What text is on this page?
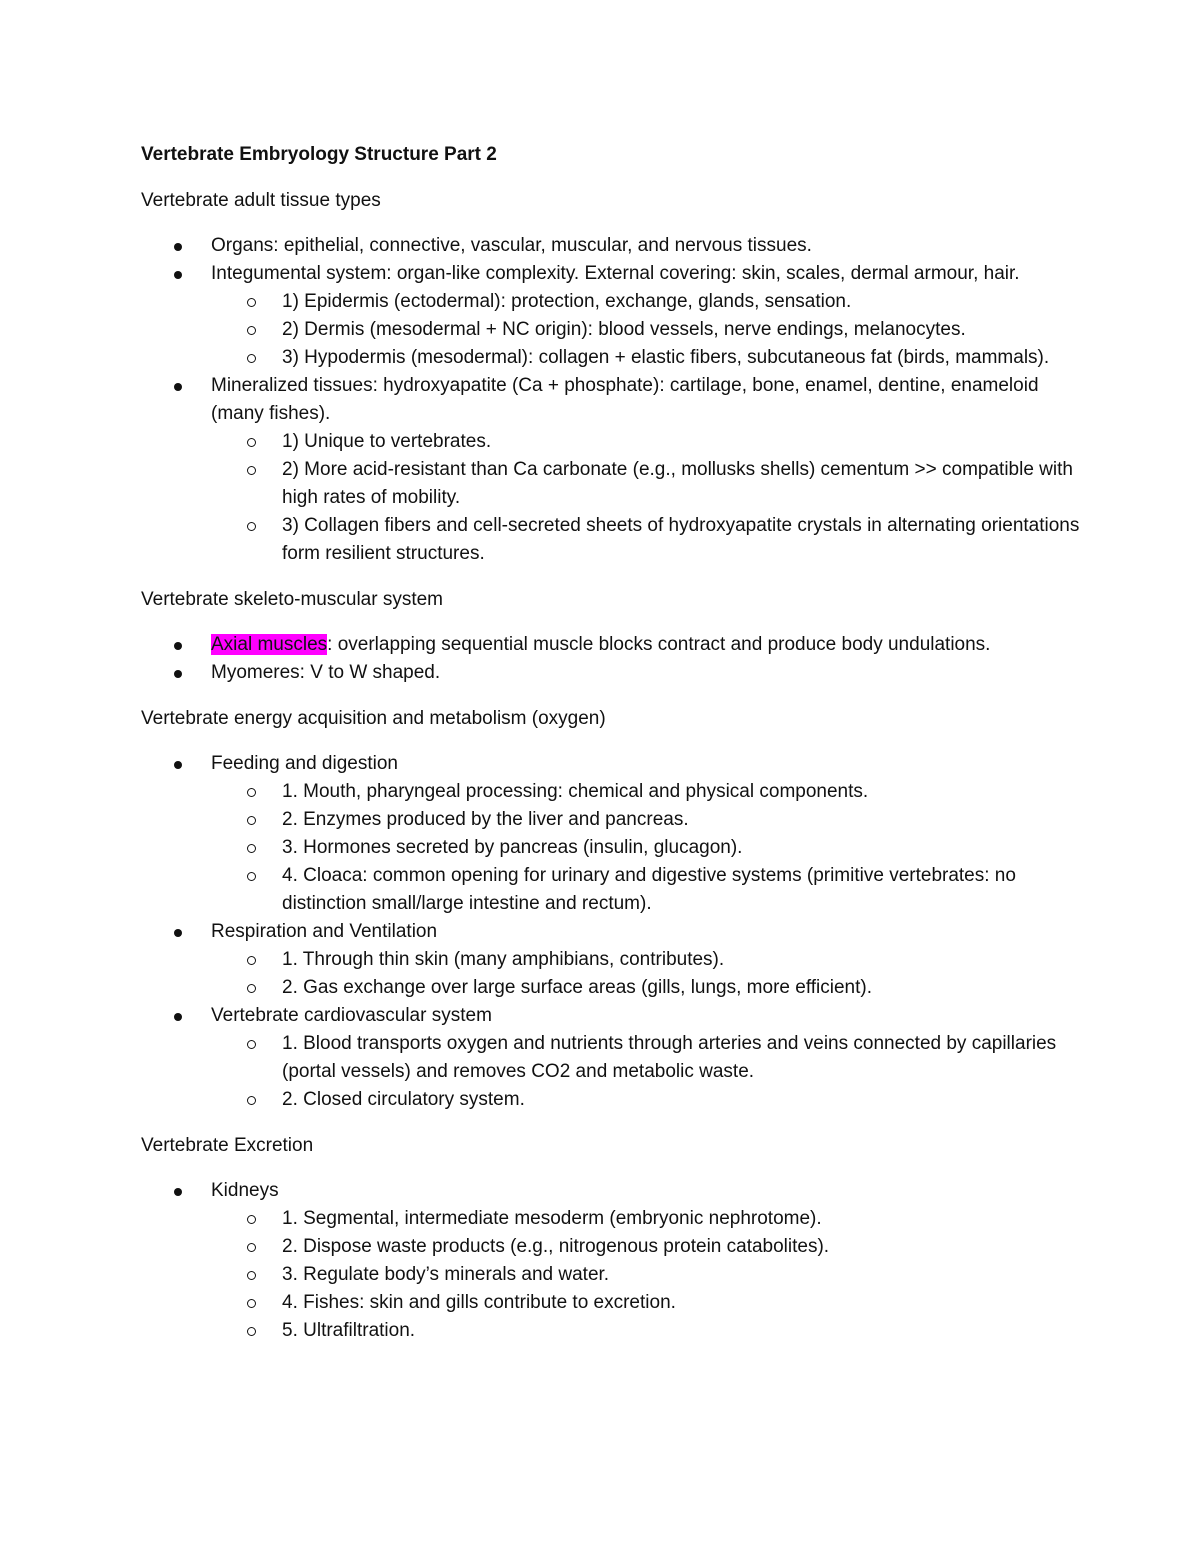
Vertebrate Embryology Structure Part 2
Vertebrate adult tissue types
Organs: epithelial, connective, vascular, muscular, and nervous tissues.
Integumental system: organ-like complexity. External covering: skin, scales, dermal armour, hair.
1) Epidermis (ectodermal): protection, exchange, glands, sensation.
2) Dermis (mesodermal + NC origin): blood vessels, nerve endings, melanocytes.
3) Hypodermis (mesodermal): collagen + elastic fibers, subcutaneous fat (birds, mammals).
Mineralized tissues: hydroxyapatite (Ca + phosphate): cartilage, bone, enamel, dentine, enameloid (many fishes).
1) Unique to vertebrates.
2) More acid-resistant than Ca carbonate (e.g., mollusks shells) cementum >> compatible with high rates of mobility.
3) Collagen fibers and cell-secreted sheets of hydroxyapatite crystals in alternating orientations form resilient structures.
Vertebrate skeleto-muscular system
Axial muscles: overlapping sequential muscle blocks contract and produce body undulations.
Myomeres: V to W shaped.
Vertebrate energy acquisition and metabolism (oxygen)
Feeding and digestion
1. Mouth, pharyngeal processing: chemical and physical components.
2. Enzymes produced by the liver and pancreas.
3. Hormones secreted by pancreas (insulin, glucagon).
4. Cloaca: common opening for urinary and digestive systems (primitive vertebrates: no distinction small/large intestine and rectum).
Respiration and Ventilation
1. Through thin skin (many amphibians, contributes).
2. Gas exchange over large surface areas (gills, lungs, more efficient).
Vertebrate cardiovascular system
1. Blood transports oxygen and nutrients through arteries and veins connected by capillaries (portal vessels) and removes CO2 and metabolic waste.
2. Closed circulatory system.
Vertebrate Excretion
Kidneys
1. Segmental, intermediate mesoderm (embryonic nephrotome).
2. Dispose waste products (e.g., nitrogenous protein catabolites).
3. Regulate body’s minerals and water.
4. Fishes: skin and gills contribute to excretion.
5. Ultrafiltration.
